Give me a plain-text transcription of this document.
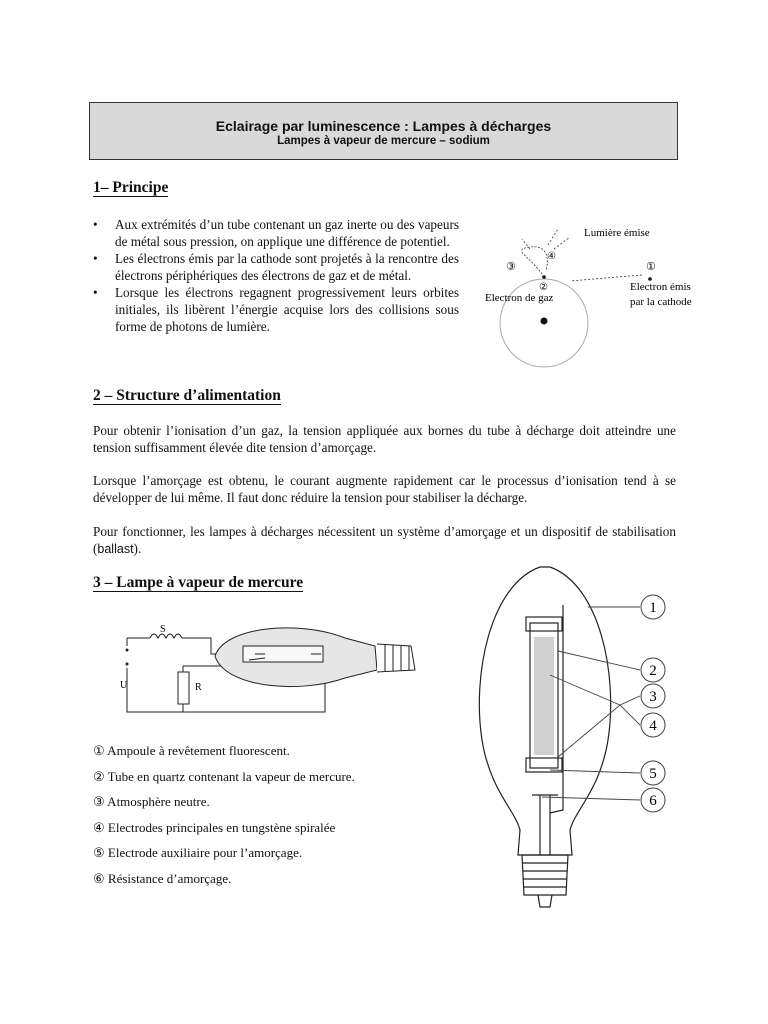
Eclairage par luminescence : Lampes à décharges
Lampes à vapeur de mercure – sodium
1– Principe
• Aux extrémités d’un tube contenant un gaz inerte ou des vapeurs de métal sous pression, on applique une différence de potentiel.
• Les électrons émis par la cathode sont projetés à la rencontre des électrons périphériques des électrons de gaz et de métal.
• Lorsque les électrons regagnent progressivement leurs orbites initiales, ils libèrent l’énergie acquise lors des collisions sous forme de photons de lumière.
Lumière émise
Electron de gaz
Electron émis
par la cathode
①
②
③
④
2 – Structure d’alimentation

Pour obtenir l’ionisation d’un gaz, la tension appliquée aux bornes du tube à décharge doit atteindre une tension suffisamment élevée dite tension d’amorçage.

Lorsque l’amorçage est obtenu, le courant augmente rapidement car le processus d’ionisation tend à se développer de lui même. Il faut donc réduire la tension pour stabiliser la décharge.

Pour fonctionner, les lampes à décharges nécessitent un système d’amorçage et un dispositif de stabilisation (ballast).

3 – Lampe à vapeur de mercure
S
U	R
① Ampoule à revêtement fluorescent.
② Tube en quartz contenant la vapeur de mercure.
③ Atmosphère neutre.
④ Electrodes principales en tungstène spiralée
⑤ Electrode auxiliaire pour l’amorçage.
⑥ Résistance d’amorçage.
1
2
3
4
5
6
